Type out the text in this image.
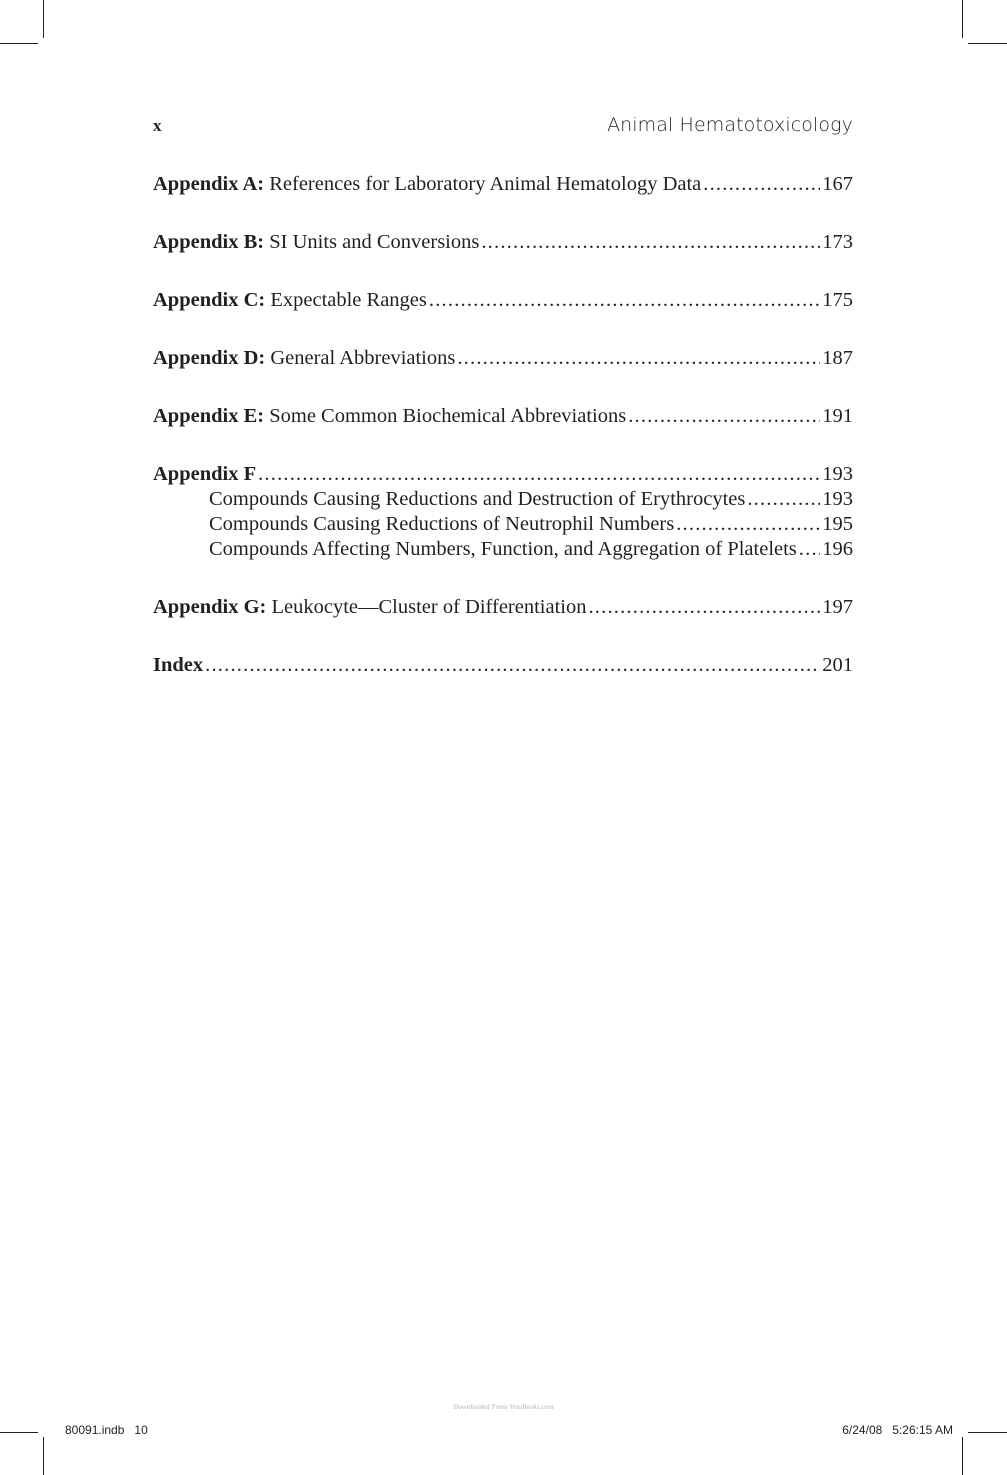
x	Animal Hematotoxicology
Appendix A: References for Laboratory Animal Hematology Data .....	167
Appendix B: SI Units and Conversions .....	173
Appendix C: Expectable Ranges .....	175
Appendix D: General Abbreviations .....	187
Appendix E: Some Common Biochemical Abbreviations .....	191
Appendix F .....	193
Compounds Causing Reductions and Destruction of Erythrocytes .....	193
Compounds Causing Reductions of Neutrophil Numbers .....	195
Compounds Affecting Numbers, Function, and Aggregation of Platelets ..... 196
Appendix G: Leukocyte—Cluster of Differentiation .....	197
Index .....	201
Downloaded From VetoBooks.com
80091.indb   10	6/24/08   5:26:15 AM
